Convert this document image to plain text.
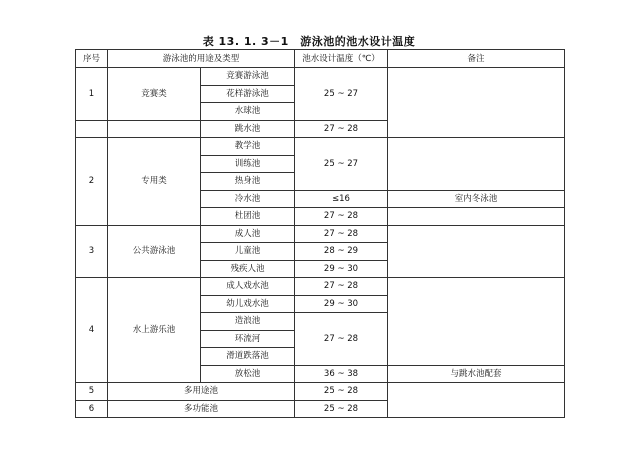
表 13. 1. 3－1　游泳池的池水设计温度
序号	游泳池的用途及类型		池水设计温度（℃）	备注
1	竞赛类	竞赛游泳池	25 ~ 27	
		花样游泳池		
		水球池		
		跳水池	27 ~ 28	
2	专用类	教学池	25 ~ 27	
		训练池		
		热身池		
		冷水池	≤16	室内冬泳池
		杜团池	27 ~ 28	
3	公共游泳池	成人池	27 ~ 28	
		儿童池	28 ~ 29	
		残疾人池	29 ~ 30	
4	水上游乐池	成人戏水池	27 ~ 28	
		幼儿戏水池	29 ~ 30	
		造浪池	27 ~ 28	
		环流河		
		滑道跌落池		
		放松池	36 ~ 38	与跳水池配套
5	多用途池		25 ~ 28	
6	多功能池		25 ~ 28	
